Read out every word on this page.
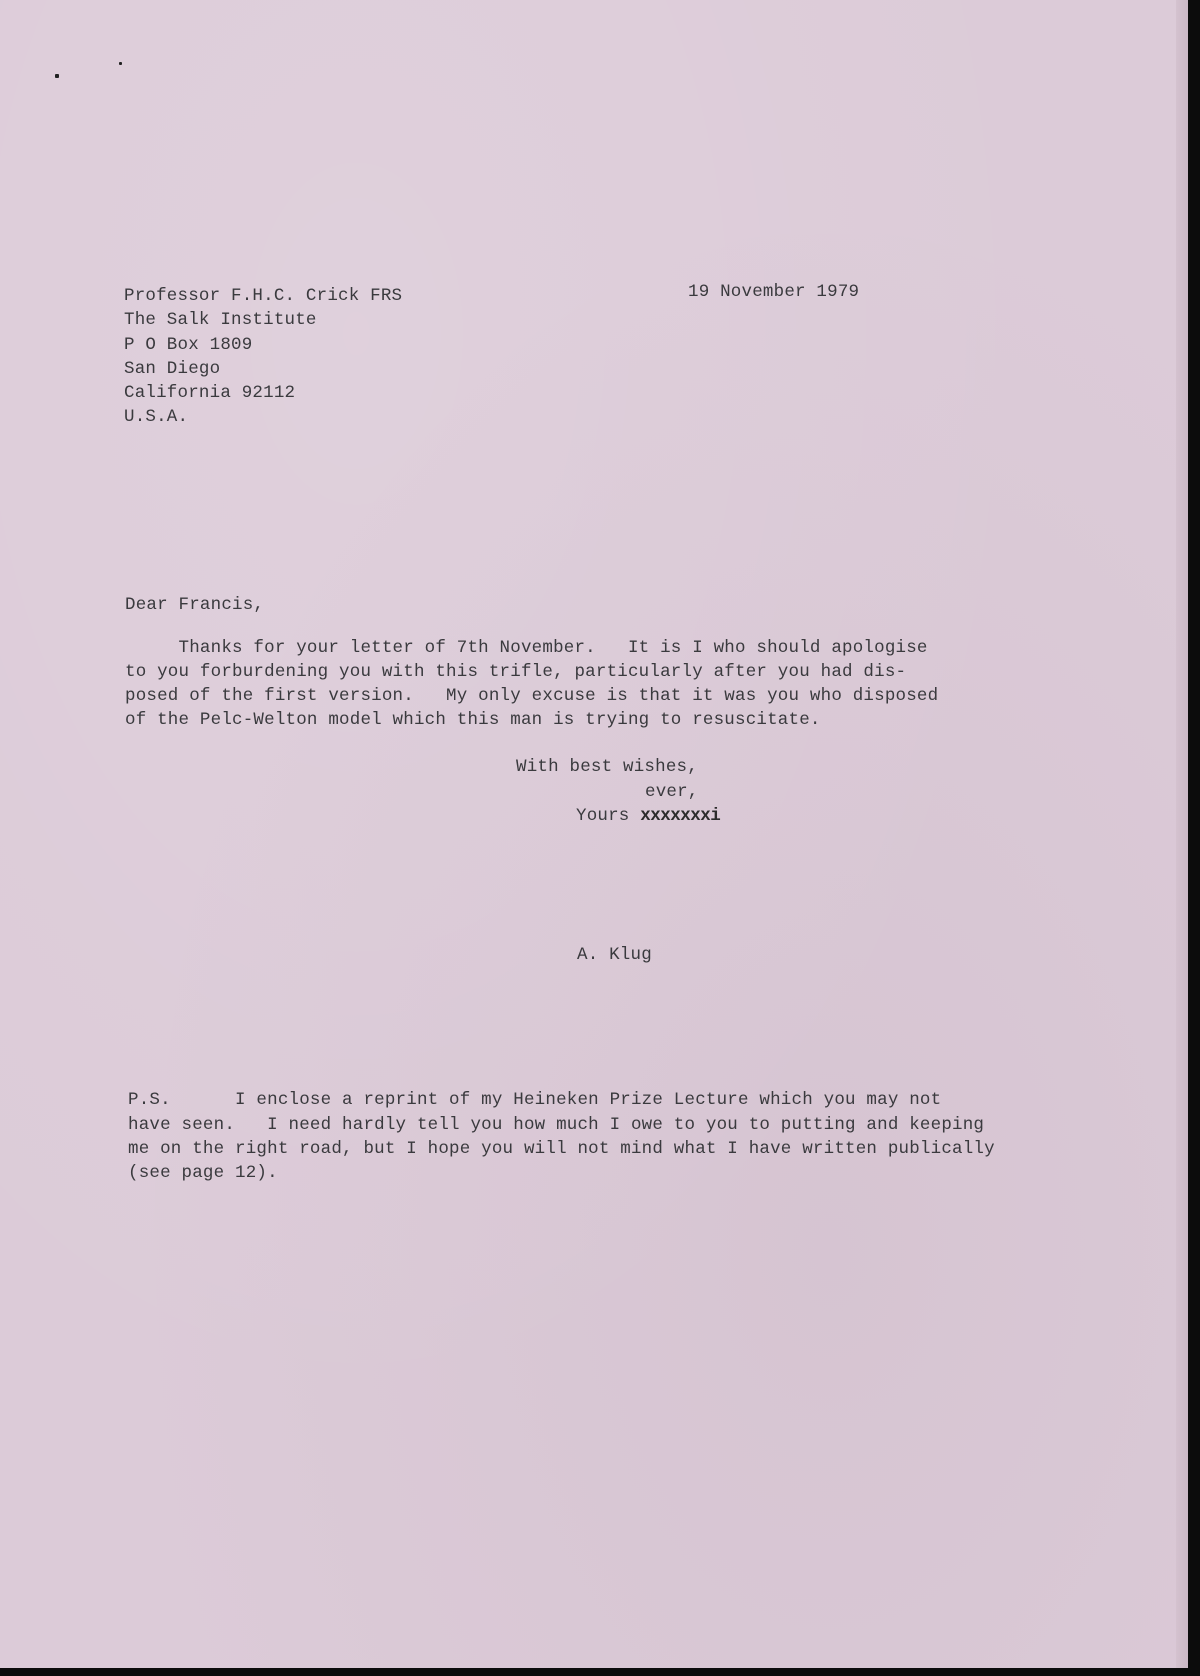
Professor F.H.C. Crick FRS
The Salk Institute
P O Box 1809
San Diego
California 92112
U.S.A.
19 November 1979
Dear Francis,
Thanks for your letter of 7th November.   It is I who should apologise
to you forburdening you with this trifle, particularly after you had dis-
posed of the first version.   My only excuse is that it was you who disposed
of the Pelc-Welton model which this man is trying to resuscitate.
With best wishes,
ever,
Yours xxxxxxxi
A. Klug
P.S.      I enclose a reprint of my Heineken Prize Lecture which you may not
have seen.   I need hardly tell you how much I owe to you to putting and keeping
me on the right road, but I hope you will not mind what I have written publically
(see page 12).
